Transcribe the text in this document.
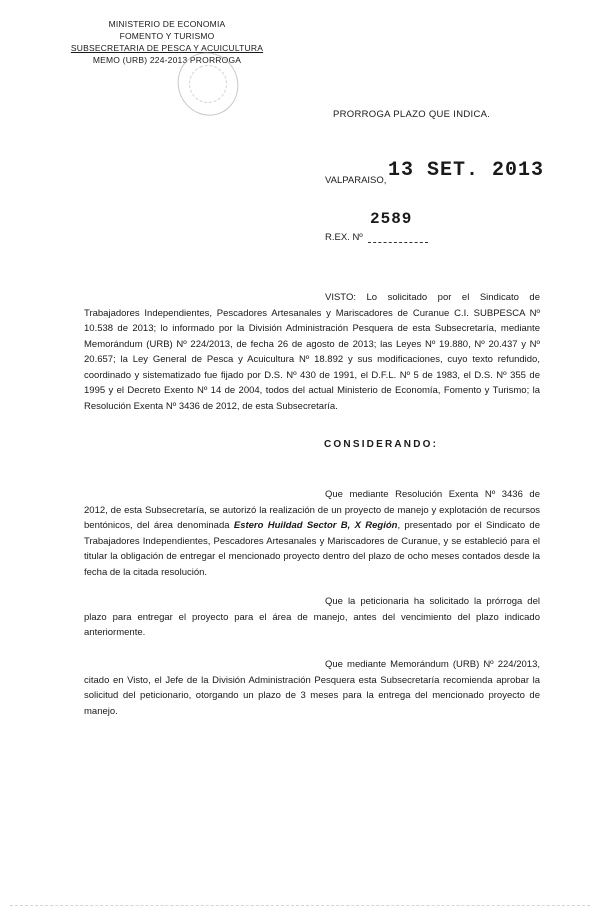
MINISTERIO DE ECONOMIA
FOMENTO Y TURISMO
SUBSECRETARIA DE PESCA Y ACUICULTURA
MEMO (URB) 224-2013 PRORROGA
PRORROGA PLAZO QUE INDICA.
VALPARAISO, 13 SET. 2013
2589
R.EX. Nº
VISTO: Lo solicitado por el Sindicato de Trabajadores Independientes, Pescadores Artesanales y Mariscadores de Curanue C.I. SUBPESCA Nº 10.538 de 2013; lo informado por la División Administración Pesquera de esta Subsecretaría, mediante Memorándum (URB) Nº 224/2013, de fecha 26 de agosto de 2013; las Leyes Nº 19.880, Nº 20.437 y Nº 20.657; la Ley General de Pesca y Acuicultura Nº 18.892 y sus modificaciones, cuyo texto refundido, coordinado y sistematizado fue fijado por D.S. Nº 430 de 1991, el D.F.L. Nº 5 de 1983, el D.S. Nº 355 de 1995 y el Decreto Exento Nº 14 de 2004, todos del actual Ministerio de Economía, Fomento y Turismo; la Resolución Exenta Nº 3436 de 2012, de esta Subsecretaría.
CONSIDERANDO:
Que mediante Resolución Exenta Nº 3436 de 2012, de esta Subsecretaría, se autorizó la realización de un proyecto de manejo y explotación de recursos bentónicos, del área denominada Estero Huildad Sector B, X Región, presentado por el Sindicato de Trabajadores Independientes, Pescadores Artesanales y Mariscadores de Curanue, y se estableció para el titular la obligación de entregar el mencionado proyecto dentro del plazo de ocho meses contados desde la fecha de la citada resolución.
Que la peticionaria ha solicitado la prórroga del plazo para entregar el proyecto para el área de manejo, antes del vencimiento del plazo indicado anteriormente.
Que mediante Memorándum (URB) Nº 224/2013, citado en Visto, el Jefe de la División Administración Pesquera esta Subsecretaría recomienda aprobar la solicitud del peticionario, otorgando un plazo de 3 meses para la entrega del mencionado proyecto de manejo.
